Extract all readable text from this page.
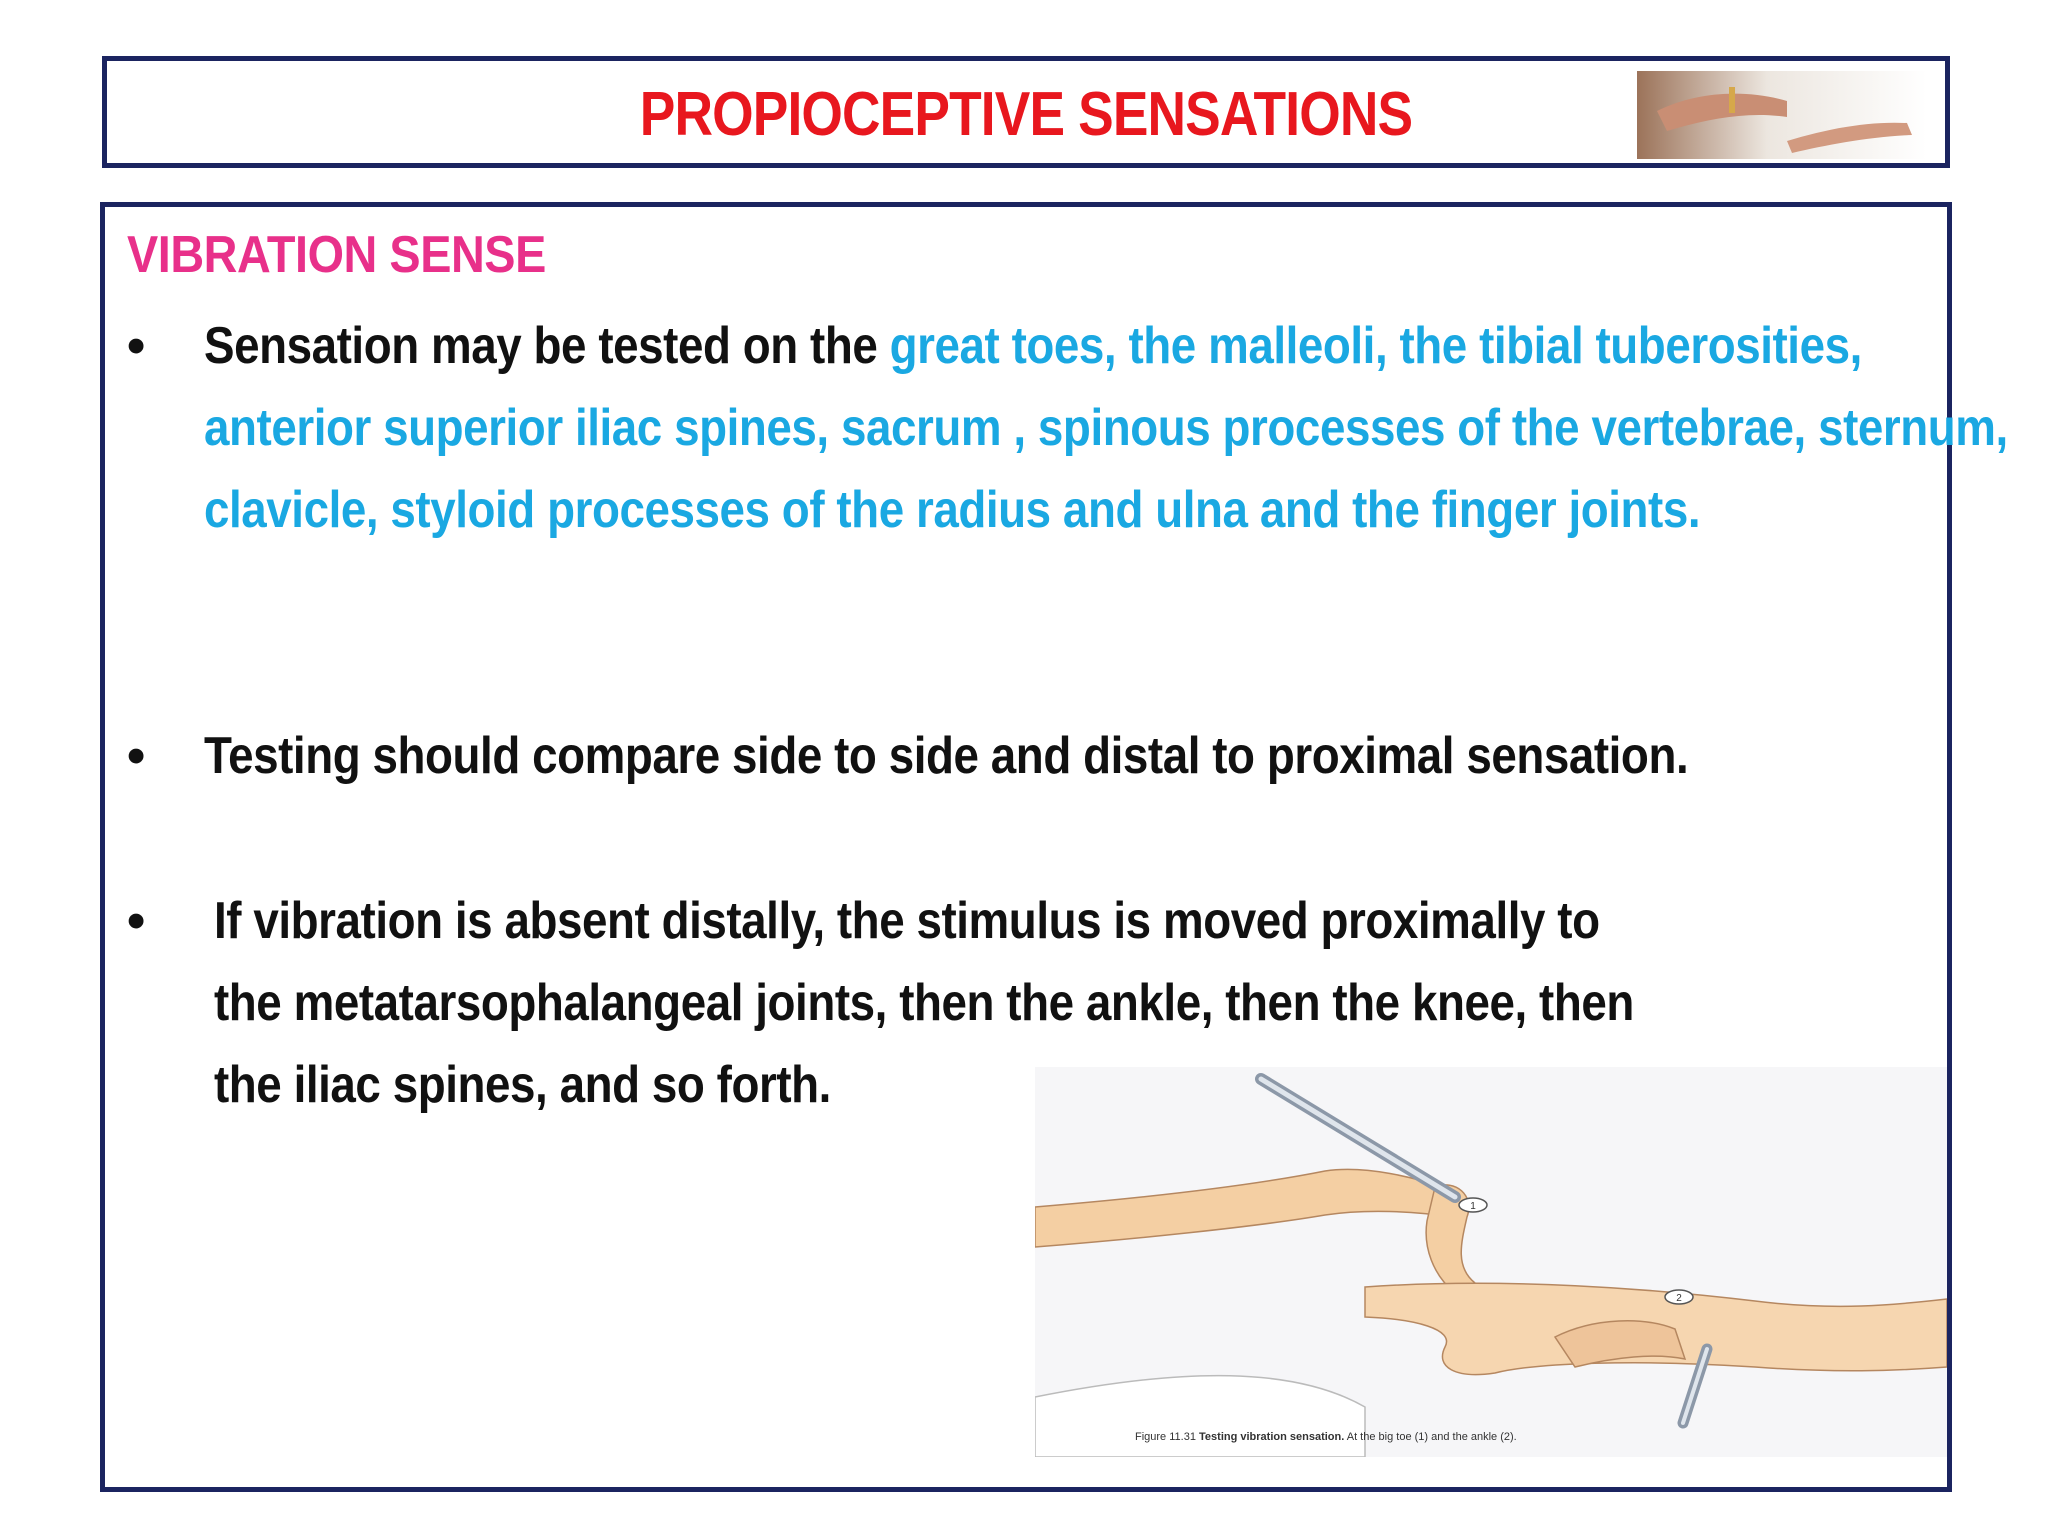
PROPIOCEPTIVE SENSATIONS
VIBRATION SENSE
• Sensation may be tested on the great toes, the malleoli, the tibial tuberosities, anterior superior iliac spines, sacrum , spinous processes of the vertebrae, sternum, clavicle, styloid processes of the radius and ulna and the finger joints.
• Testing should compare side to side and distal to proximal sensation.
• If vibration is absent distally, the stimulus is moved proximally to the metatarsophalangeal joints, then the ankle, then the knee, then the iliac spines, and so forth.
1
2
Figure 11.31 Testing vibration sensation. At the big toe (1) and the ankle (2).
